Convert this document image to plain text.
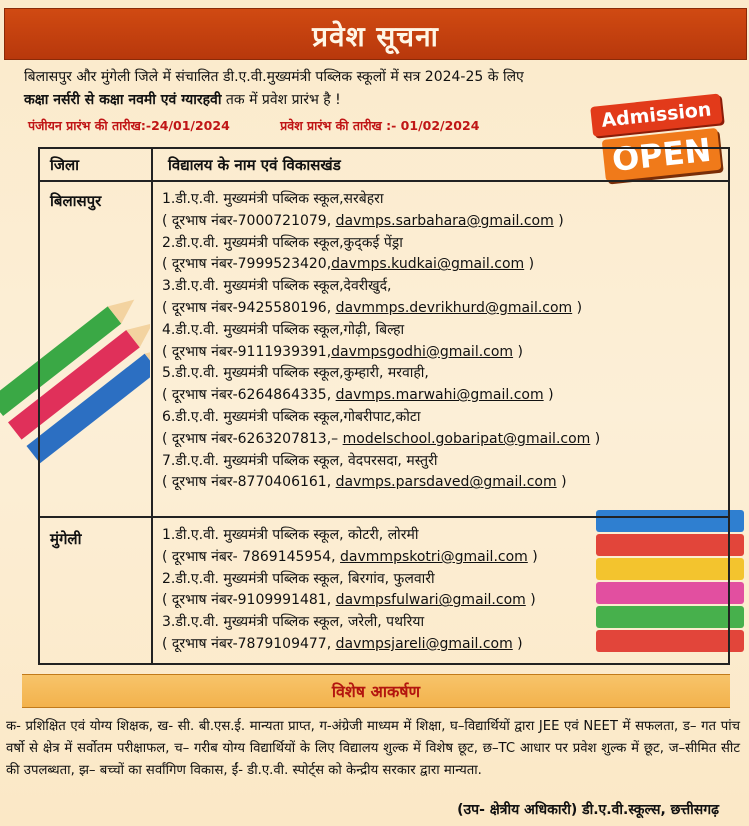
प्रवेश सूचना
बिलासपुर और मुंगेली जिले में संचालित डी.ए.वी.मुख्यमंत्री पब्लिक स्कूलों में सत्र 2024-25 के लिए
कक्षा नर्सरी से कक्षा नवमी एवं ग्यारहवी तक में प्रवेश प्रारंभ है !
पंजीयन प्रारंभ की तारीख:-24/01/2024	प्रवेश प्रारंभ की तारीख :- 01/02/2024	Admission
OPEN
जिला	विद्यालय के नाम एवं विकासखंड
बिलासपुर	1.डी.ए.वी. मुख्यमंत्री पब्लिक स्कूल,सरबेहरा
( दूरभाष नंबर-7000721079, davmps.sarbahara@gmail.com )
2.डी.ए.वी. मुख्यमंत्री पब्लिक स्कूल,कुद्कई पेंड्रा
( दूरभाष नंबर-7999523420,davmps.kudkai@gmail.com )
3.डी.ए.वी. मुख्यमंत्री पब्लिक स्कूल,देवरीखुर्द,
( दूरभाष नंबर-9425580196, davmmps.devrikhurd@gmail.com )
4.डी.ए.वी. मुख्यमंत्री पब्लिक स्कूल,गोढ़ी, बिल्हा
( दूरभाष नंबर-9111939391,davmpsgodhi@gmail.com )
5.डी.ए.वी. मुख्यमंत्री पब्लिक स्कूल,कुम्हारी, मरवाही,
( दूरभाष नंबर-6264864335, davmps.marwahi@gmail.com )
6.डी.ए.वी. मुख्यमंत्री पब्लिक स्कूल,गोबरीपाट,कोटा
( दूरभाष नंबर-6263207813,– modelschool.gobaripat@gmail.com )
7.डी.ए.वी. मुख्यमंत्री पब्लिक स्कूल, वेदपरसदा, मस्तुरी
( दूरभाष नंबर-8770406161, davmps.parsdaved@gmail.com )
मुंगेली	1.डी.ए.वी. मुख्यमंत्री पब्लिक स्कूल, कोटरी, लोरमी
( दूरभाष नंबर- 7869145954, davmmpskotri@gmail.com )
2.डी.ए.वी. मुख्यमंत्री पब्लिक स्कूल, बिरगांव, फुलवारी
( दूरभाष नंबर-9109991481, davmpsfulwari@gmail.com )
3.डी.ए.वी. मुख्यमंत्री पब्लिक स्कूल, जरेली, पथरिया
( दूरभाष नंबर-7879109477, davmpsjareli@gmail.com )
विशेष आकर्षण
क- प्रशिक्षित एवं योग्य शिक्षक, ख- सी. बी.एस.ई. मान्यता प्राप्त, ग-अंग्रेजी माध्यम में शिक्षा, घ–विद्यार्थियों द्वारा JEE एवं NEET में सफलता, ड– गत पांच वर्षो से क्षेत्र में सर्वोतम परीक्षाफल, च– गरीब योग्य विद्यार्थियों के लिए विद्यालय शुल्क में विशेष छूट, छ–TC आधार पर प्रवेश शुल्क में छूट, ज–सीमित सीट की उपलब्धता, झ– बच्चों का सर्वांगिण विकास, ईं- डी.ए.वी. स्पोर्ट्स को केन्द्रीय सरकार द्वारा मान्यता.
(उप- क्षेत्रीय अधिकारी) डी.ए.वी.स्कूल्स, छत्तीसगढ़
